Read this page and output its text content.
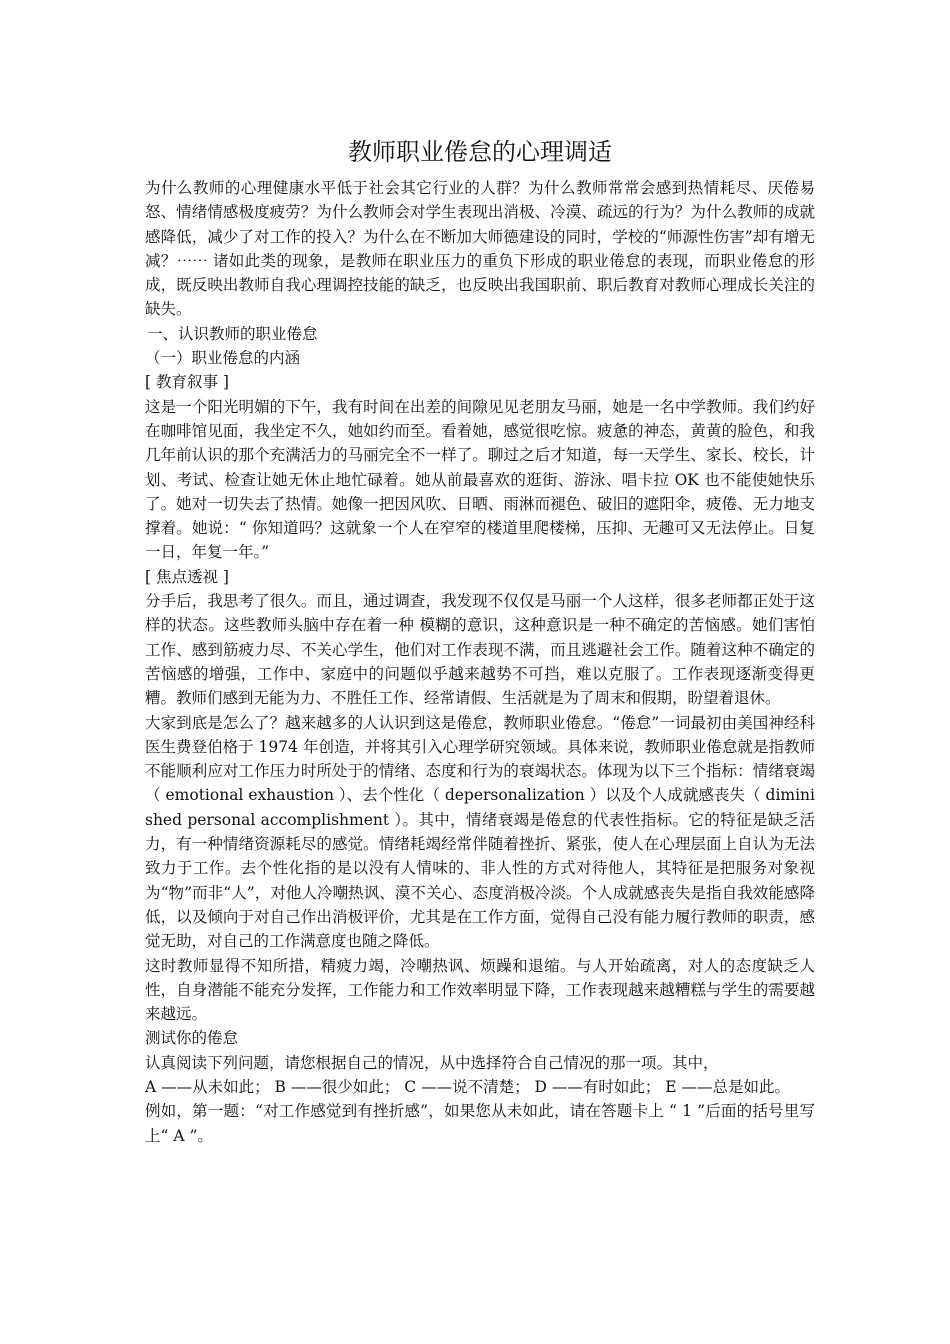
教师职业倦怠的心理调适

为什么教师的心理健康水平低于社会其它行业的人群？为什么教师常常会感到热情耗尽、厌倦易怒、情绪情感极度疲劳？为什么教师会对学生表现出消极、冷漠、疏远的行为？为什么教师的成就感降低，减少了对工作的投入？为什么在不断加大师德建设的同时，学校的“师源性伤害”却有增无减？⋯⋯ 诸如此类的现象，是教师在职业压力的重负下形成的职业倦怠的表现，而职业倦怠的形成，既反映出教师自我心理调控技能的缺乏，也反映出我国职前、职后教育对教师心理成长关注的缺失。

一、认识教师的职业倦怠

（一）职业倦怠的内涵

[ 教育叙事 ]

这是一个阳光明媚的下午，我有时间在出差的间隙见见老朋友马丽，她是一名中学教师。我们约好在咖啡馆见面，我坐定不久，她如约而至。看着她，感觉很吃惊。疲惫的神态，黄黄的脸色，和我几年前认识的那个充满活力的马丽完全不一样了。聊过之后才知道，每一天学生、家长、校长，计划、考试、检查让她无休止地忙碌着。她从前最喜欢的逛街、游泳、唱卡拉 OK 也不能使她快乐了。她对一切失去了热情。她像一把因风吹、日晒、雨淋而褪色、破旧的遮阳伞，疲倦、无力地支撑着。她说：“ 你知道吗？这就象一个人在窄窄的楼道里爬楼梯，压抑、无趣可又无法停止。日复一日，年复一年。”

[ 焦点透视 ]

分手后，我思考了很久。而且，通过调查，我发现不仅仅是马丽一个人这样，很多老师都正处于这样的状态。这些教师头脑中存在着一种 模糊的意识，这种意识是一种不确定的苦恼感。她们害怕工作、感到筋疲力尽、不关心学生，他们对工作表现不满，而且逃避社会工作。随着这种不确定的苦恼感的增强，工作中、家庭中的问题似乎越来越势不可挡，难以克服了。工作表现逐渐变得更糟。教师们感到无能为力、不胜任工作、经常请假、生活就是为了周末和假期，盼望着退休。

大家到底是怎么了？越来越多的人认识到这是倦怠，教师职业倦怠。“倦怠”一词最初由美国神经科医生费登伯格于 1974 年创造，并将其引入心理学研究领域。具体来说，教师职业倦怠就是指教师不能顺利应对工作压力时所处于的情绪、态度和行为的衰竭状态。体现为以下三个指标：情绪衰竭（ emotional exhaustion ）、去个性化（ depersonalization ）以及个人成就感丧失（ diminished personal accomplishment ）。其中，情绪衰竭是倦怠的代表性指标。它的特征是缺乏活力，有一种情绪资源耗尽的感觉。情绪耗竭经常伴随着挫折、紧张，使人在心理层面上自认为无法致力于工作。去个性化指的是以没有人情味的、非人性的方式对待他人，其特征是把服务对象视为“物”而非“人”，对他人冷嘲热讽、漠不关心、态度消极冷淡。个人成就感丧失是指自我效能感降低，以及倾向于对自己作出消极评价，尤其是在工作方面，觉得自己没有能力履行教师的职责，感觉无助，对自己的工作满意度也随之降低。

这时教师显得不知所措，精疲力竭，冷嘲热讽、烦躁和退缩。与人开始疏离，对人的态度缺乏人性，自身潜能不能充分发挥，工作能力和工作效率明显下降，工作表现越来越糟糕与学生的需要越来越远。

测试你的倦怠

认真阅读下列问题，请您根据自己的情况，从中选择符合自己情况的那一项。其中，

A ——从未如此； B ——很少如此； C ——说不清楚； D ——有时如此； E ——总是如此。

例如，第一题：“对工作感觉到有挫折感”，如果您从未如此，请在答题卡上 “ 1 ”后面的括号里写上“ A ”。
